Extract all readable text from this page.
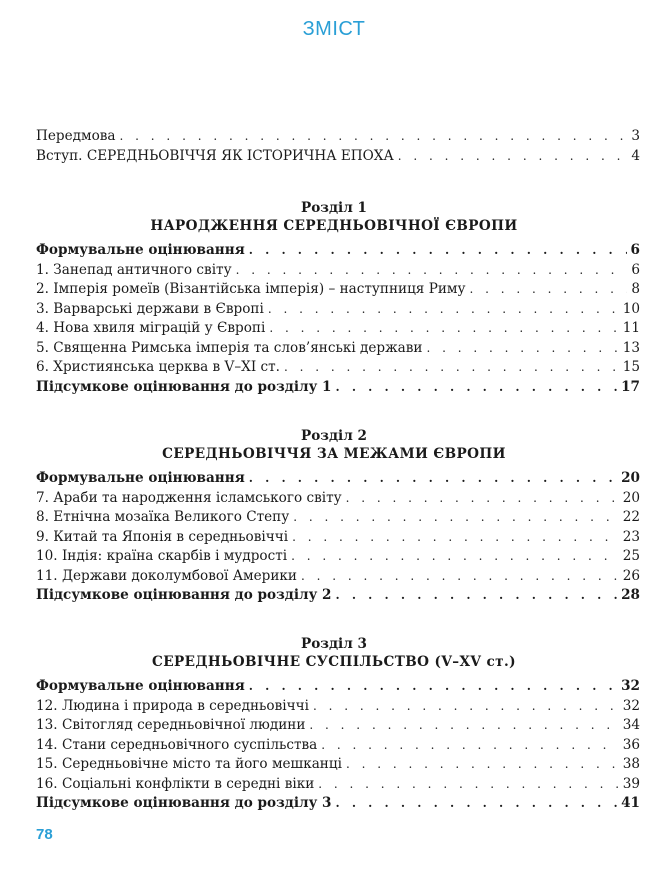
ЗМІСТ
Передмова . . .	3
Вступ. СЕРЕДНЬОВІЧЧЯ ЯК ІСТОРИЧНА ЕПОХА . . .	4
Розділ 1
НАРОДЖЕННЯ СЕРЕДНЬОВІЧНОЇ ЄВРОПИ
Формувальне оцінювання . . .	6
1. Занепад античного світу . . .	6
2. Імперія ромеїв (Візантійська імперія) – наступниця Риму . . .	8
3. Варварські держави в Європі . . .	10
4. Нова хвиля міграцій у Європі . . .	11
5. Священна Римська імперія та слов’янські держави . . .	13
6. Християнська церква в V–XI ст. . . .	15
Підсумкове оцінювання до розділу 1 . . .	17
Розділ 2
СЕРЕДНЬОВІЧЧЯ ЗА МЕЖАМИ ЄВРОПИ
Формувальне оцінювання . . .	20
7. Араби та народження ісламського світу . . .	20
8. Етнічна мозаїка Великого Степу . . .	22
9. Китай та Японія в середньовіччі . . .	23
10. Індія: країна скарбів і мудрості . . .	25
11. Держави доколумбової Америки . . .	26
Підсумкове оцінювання до розділу 2 . . .	28
Розділ 3
СЕРЕДНЬОВІЧНЕ СУСПІЛЬСТВО (V–XV ст.)
Формувальне оцінювання . . .	32
12. Людина і природа в середньовіччі . . .	32
13. Світогляд середньовічної людини . . .	34
14. Стани середньовічного суспільства . . .	36
15. Середньовічне місто та його мешканці . . .	38
16. Соціальні конфлікти в середні віки . . .	39
Підсумкове оцінювання до розділу 3 . . .	41
78
